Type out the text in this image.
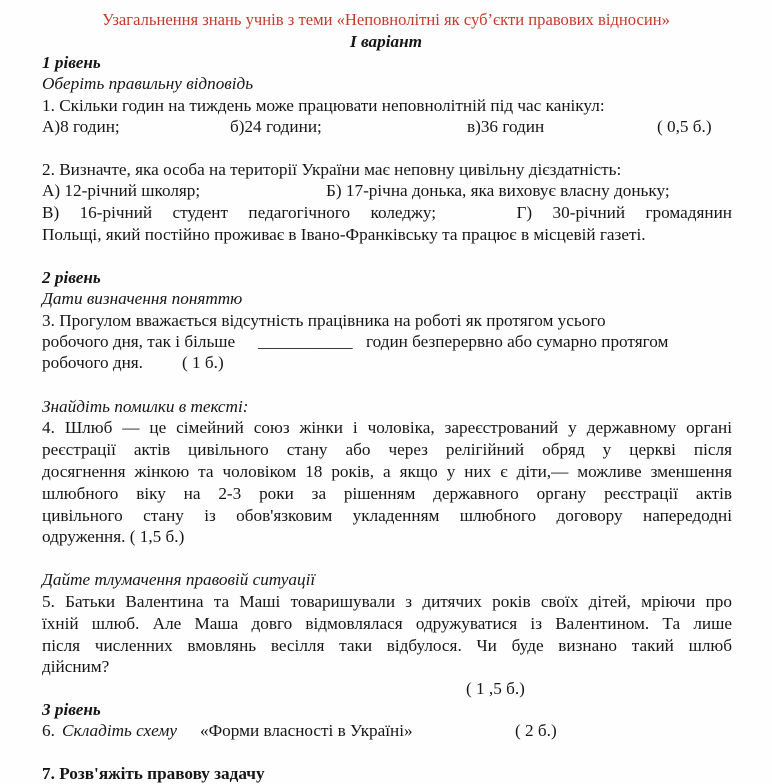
Узагальнення знань учнів з теми «Неповнолітні як суб’єкти правових відносин»
І варіант
1 рівень
Оберіть правильну відповідь
1. Скільки годин на тиждень може працювати неповнолітній під час канікул:
А)8 годин;	б)24 години;	в)36 годин	( 0,5 б.)
2. Визначте, яка особа на території України має неповну цивільну дієздатність:
А) 12-річний школяр;	Б) 17-річна донька, яка виховує власну доньку;
В) 16-річний студент педагогічного коледжу;	Г) 30-річний громадянин
Польщі, який постійно проживає в Івано-Франківську та працює в місцевій газеті.
2 рівень
Дати визначення поняттю
3. Прогулом вважається відсутність працівника на роботі як протягом усього
робочого дня, так і більше ___________ годин безперервно або сумарно протягом
робочого дня. ( 1 б.)
Знайдіть помилки в тексті:
4. Шлюб — це сімейний союз жінки і чоловіка, зареєстрований у державному органі
реєстрації актів цивільного стану або через релігійний обряд у церкві після
досягнення жінкою та чоловіком 18 років, а якщо у них є діти,— можливе зменшення
шлюбного віку на 2-3 роки за рішенням державного органу реєстрації актів
цивільного стану із обов'язковим укладенням шлюбного договору напередодні
одруження. ( 1,5 б.)
Дайте тлумачення правовій ситуації
5. Батьки Валентина та Маші товаришували з дитячих років своїх дітей, мріючи про
їхній шлюб. Але Маша довго відмовлялася одружуватися із Валентином. Та лише
після численних вмовлянь весілля таки відбулося. Чи буде визнано такий шлюб
дійсним?
( 1 ,5 б.)
3 рівень
6. Складіть схему «Форми власності в Україні»	( 2 б.)
7. Розв'яжіть правову задачу
